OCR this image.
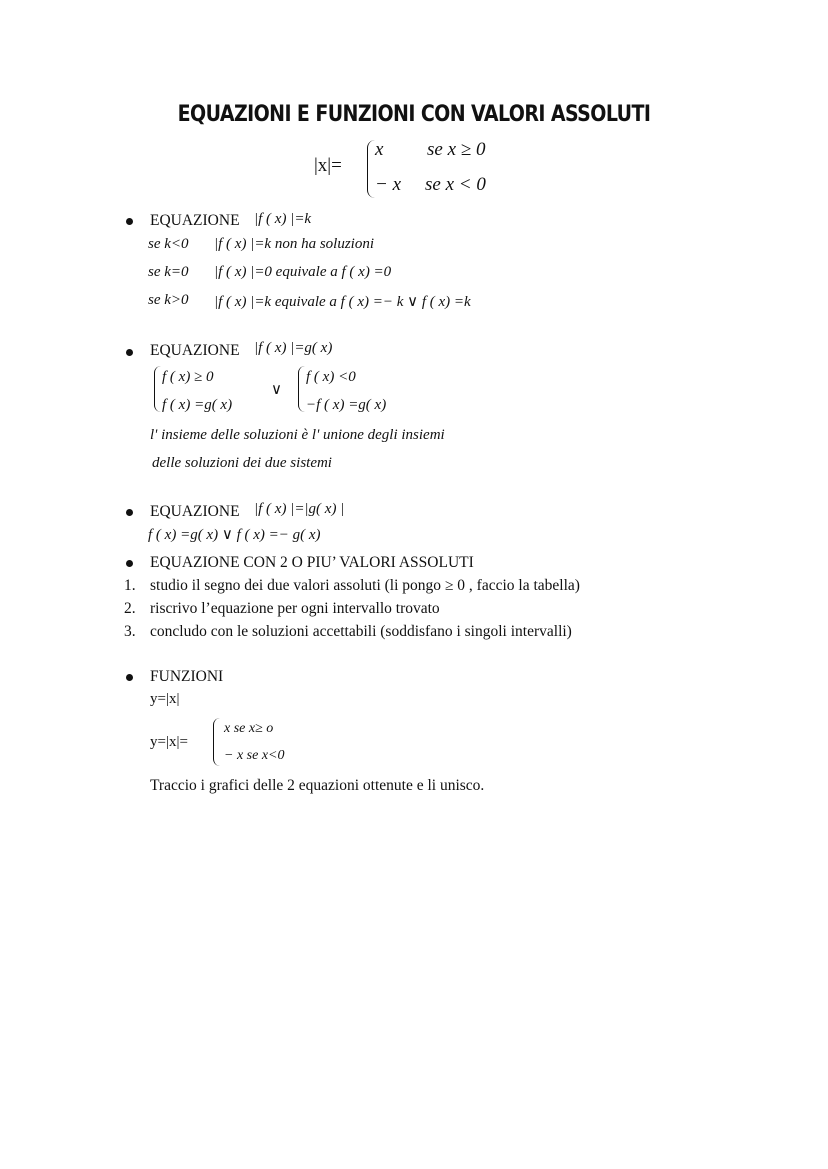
EQUAZIONI E FUNZIONI CON VALORI ASSOLUTI
|x|=
x se x ≥ 0
− x se x < 0
EQUAZIONE |f ( x) |=k
se k<0 |f ( x) |=k non ha soluzioni
se k=0 |f ( x) |=0 equivale a f ( x) =0
se k>0 |f ( x) |=k equivale a f ( x) =− k ∨ f ( x) =k
EQUAZIONE |f ( x) |=g( x)
f ( x) ≥ 0
f ( x) =g( x)
∨
f ( x) <0
−f ( x) =g( x)
l' insieme delle soluzioni è l' unione degli insiemi
delle soluzioni dei due sistemi
EQUAZIONE |f ( x) |=|g( x) |
f ( x) =g( x) ∨ f ( x) =− g( x)
EQUAZIONE CON 2 O PIU’ VALORI ASSOLUTI
1. studio il segno dei due valori assoluti (li pongo ≥ 0 , faccio la tabella)
2. riscrivo l’equazione per ogni intervallo trovato
3. concludo con le soluzioni accettabili (soddisfano i singoli intervalli)
FUNZIONI
y=|x|
y=|x|=
x se x≥ o
− x se x<0
Traccio i grafici delle 2 equazioni ottenute e li unisco.
